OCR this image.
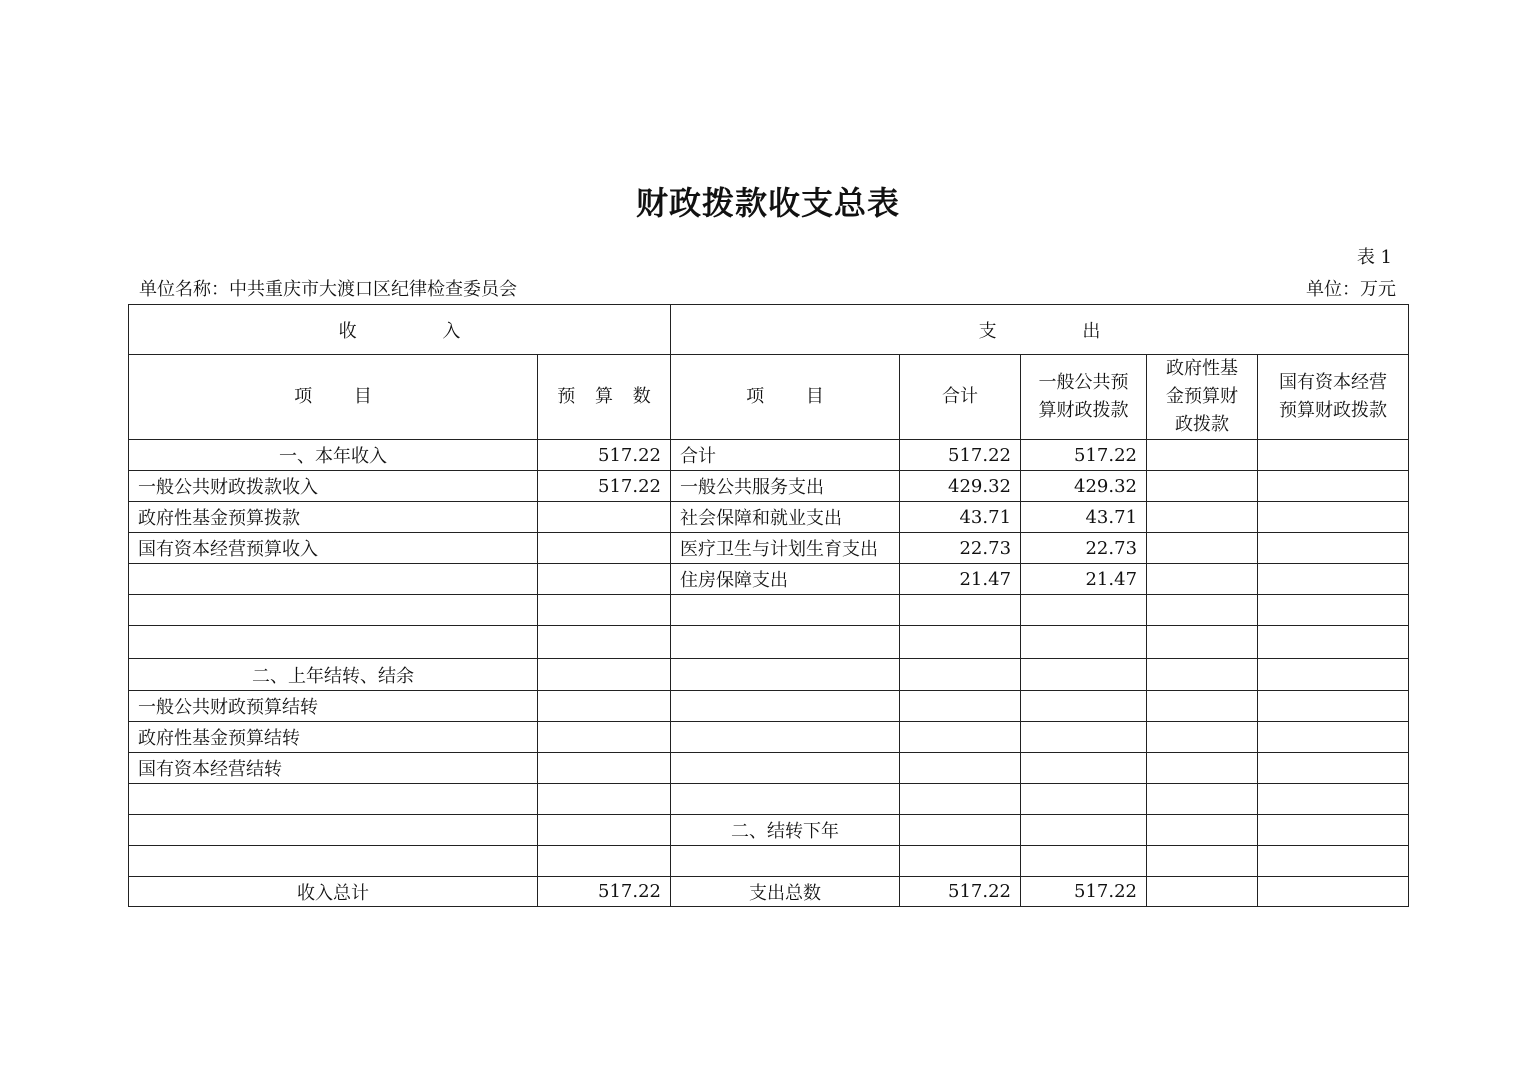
财政拨款收支总表
表 1
单位名称：中共重庆市大渡口区纪律检查委员会	单位：万元
收 入		支 出				
项 目	预 算 数	项 目	合计	一般公共预算财政拨款	政府性基金预算财政拨款	国有资本经营预算财政拨款
一、本年收入	517.22	合计	517.22	517.22		
一般公共财政拨款收入	517.22	一般公共服务支出	429.32	429.32		
政府性基金预算拨款		社会保障和就业支出	43.71	43.71		
国有资本经营预算收入		医疗卫生与计划生育支出	22.73	22.73		
		住房保障支出	21.47	21.47		

二、上年结转、结余						
一般公共财政预算结转						
政府性基金预算结转						
国有资本经营结转						

		二、结转下年				

收入总计	517.22	支出总数	517.22	517.22		
